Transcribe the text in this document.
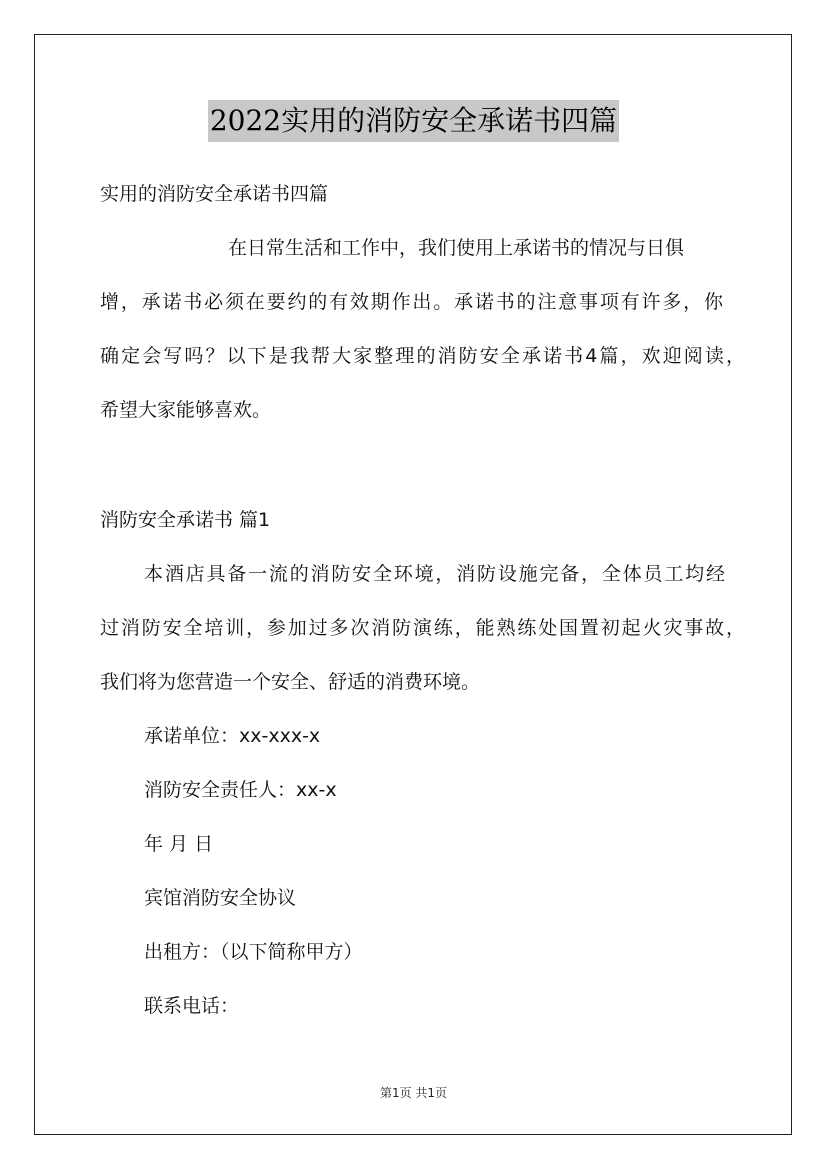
2022实用的消防安全承诺书四篇
实用的消防安全承诺书四篇
在日常生活和工作中，我们使用上承诺书的情况与日俱
增，承诺书必须在要约的有效期作出。承诺书的注意事项有许多，你
确定会写吗？以下是我帮大家整理的消防安全承诺书4篇，欢迎阅读，
希望大家能够喜欢。
消防安全承诺书 篇1
本酒店具备一流的消防安全环境，消防设施完备，全体员工均经
过消防安全培训，参加过多次消防演练，能熟练处国置初起火灾事故，
我们将为您营造一个安全、舒适的消费环境。
承诺单位：xx-xxx-x
消防安全责任人：xx-x
年 月 日
宾馆消防安全协议
出租方：（以下简称甲方）
联系电话：
第1页 共1页
